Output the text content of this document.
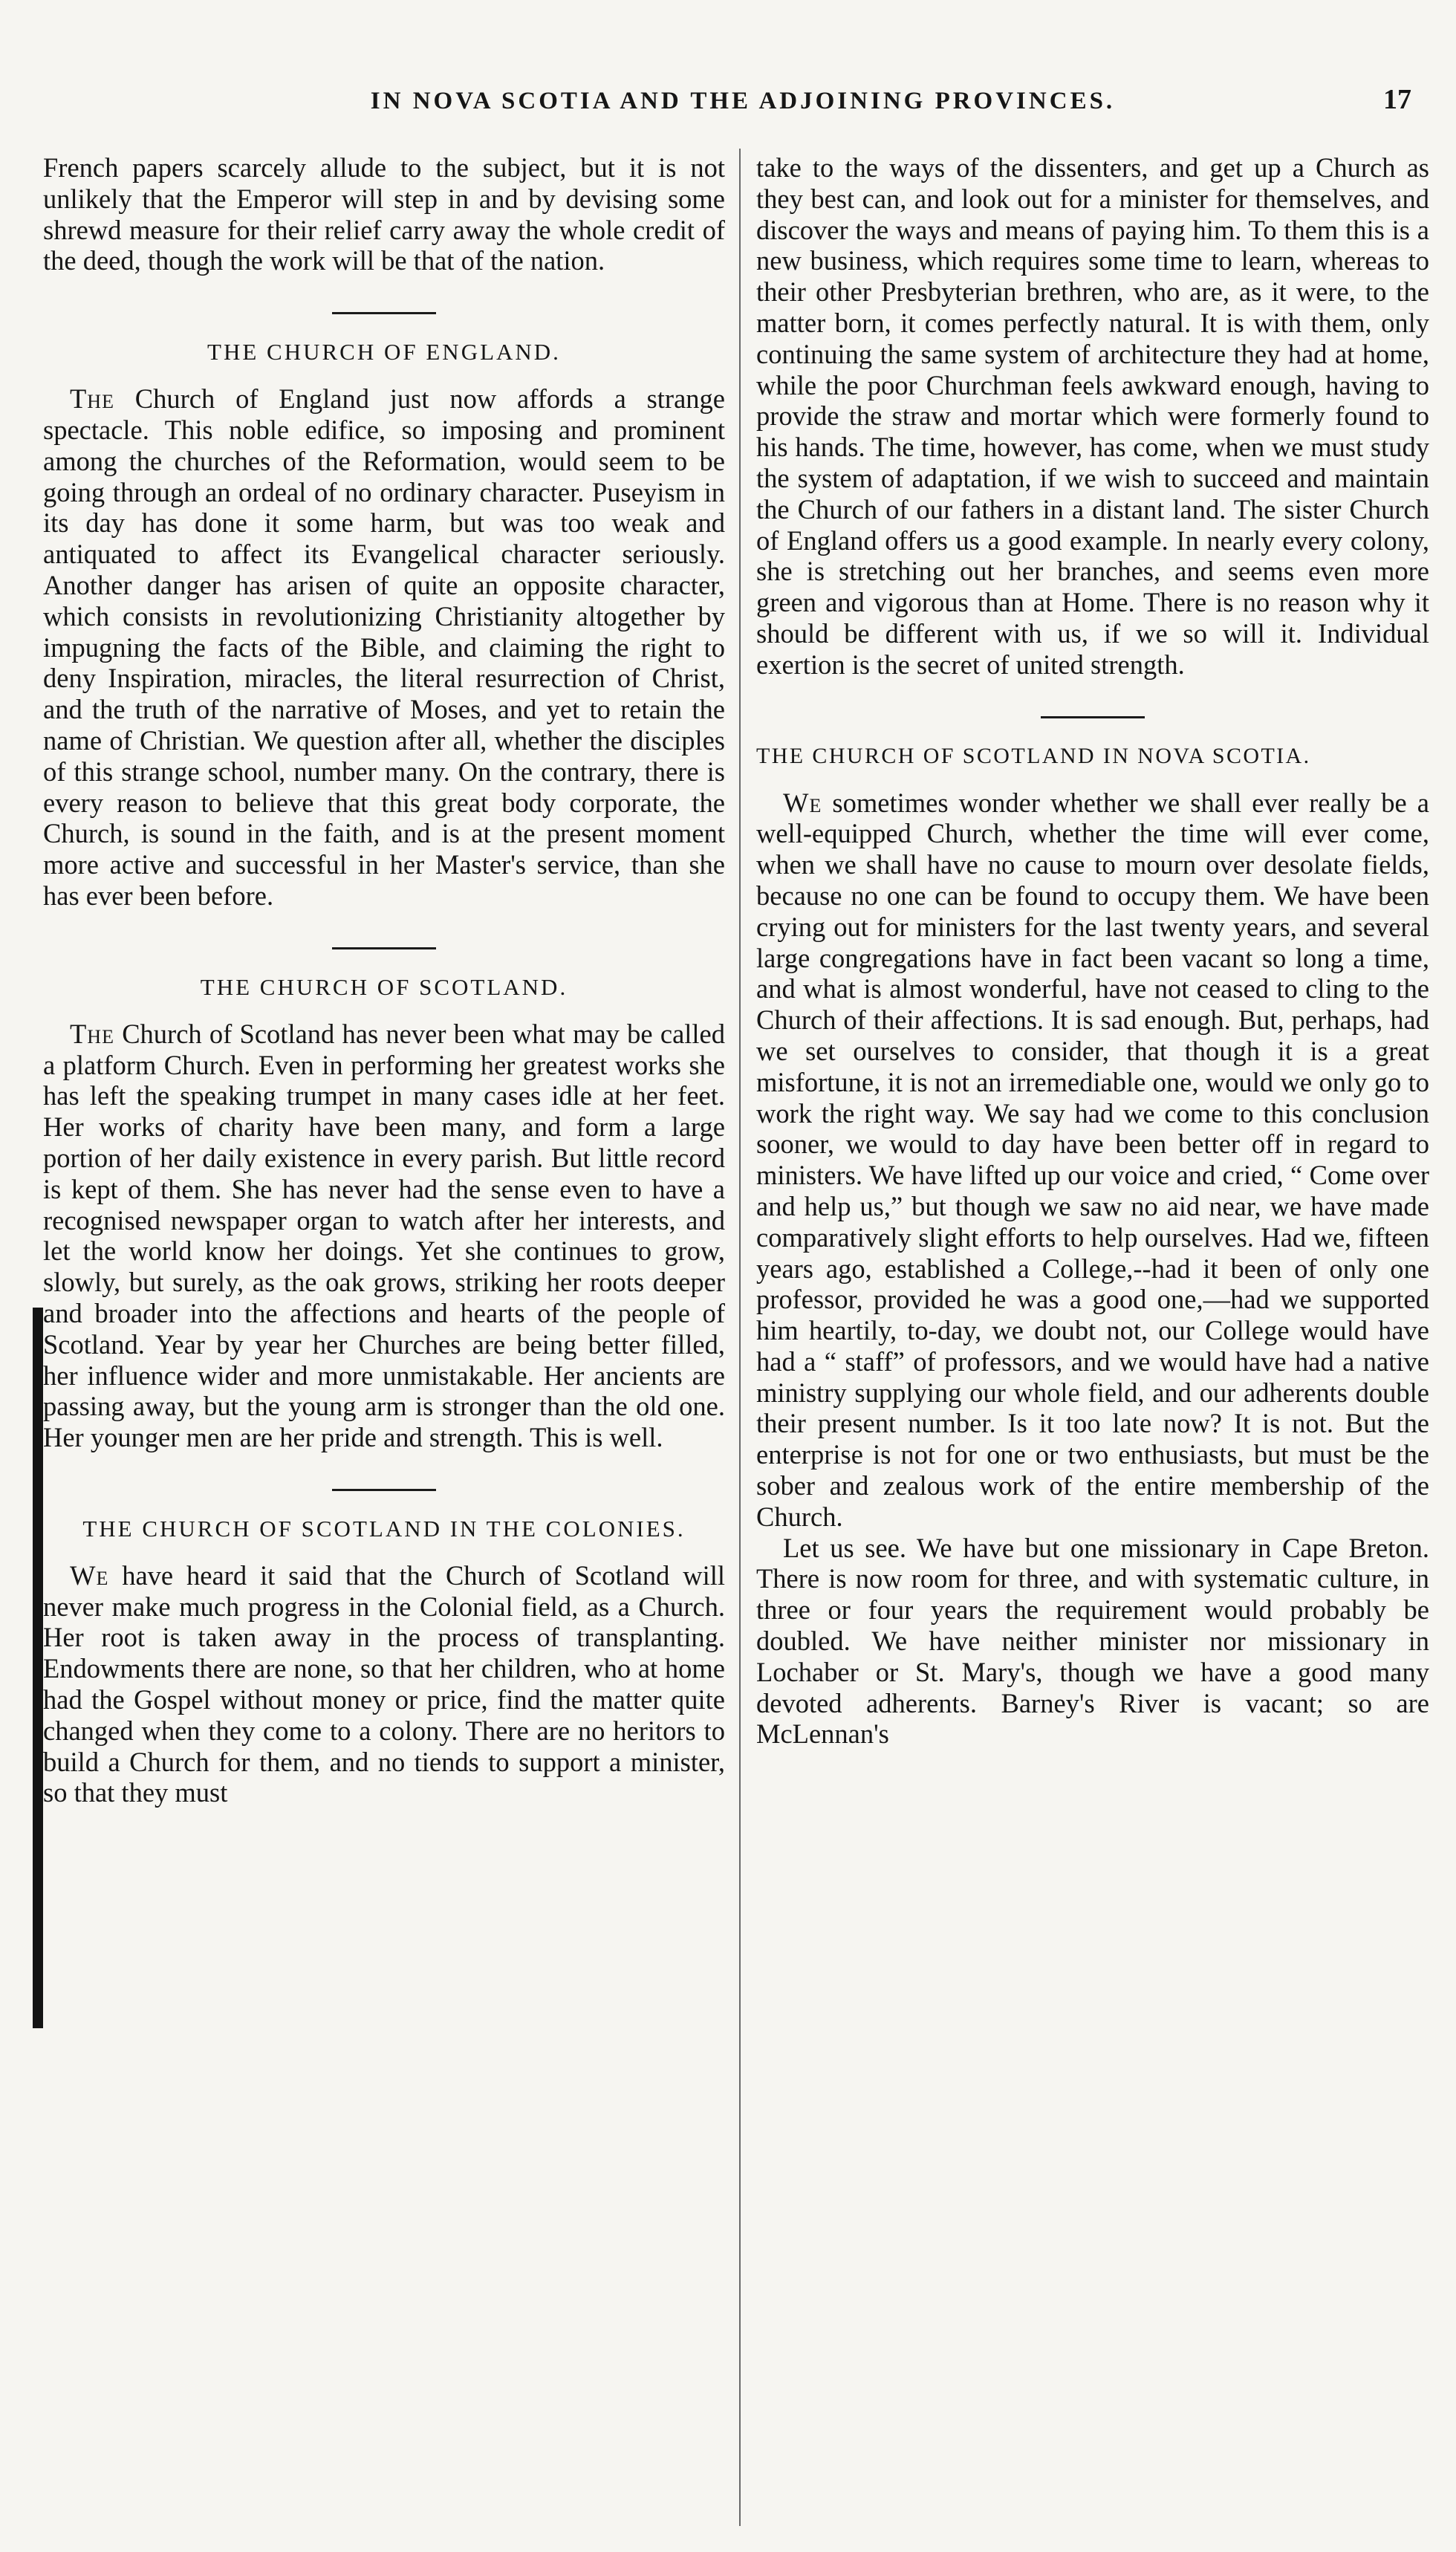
IN NOVA SCOTIA AND THE ADJOINING PROVINCES.	17

French papers scarcely allude to the subject, but it is not unlikely that the Emperor will step in and by devising some shrewd measure for their relief carry away the whole credit of the deed, though the work will be that of the nation.

THE CHURCH OF ENGLAND.

The Church of England just now affords a strange spectacle. This noble edifice, so imposing and prominent among the churches of the Reformation, would seem to be going through an ordeal of no ordinary character. Puseyism in its day has done it some harm, but was too weak and antiquated to affect its Evangelical character seriously. Another danger has arisen of quite an opposite character, which consists in revolutionizing Christianity altogether by impugning the facts of the Bible, and claiming the right to deny Inspiration, miracles, the literal resurrection of Christ, and the truth of the narrative of Moses, and yet to retain the name of Christian. We question after all, whether the disciples of this strange school, number many. On the contrary, there is every reason to believe that this great body corporate, the Church, is sound in the faith, and is at the present moment more active and successful in her Master's service, than she has ever been before.

THE CHURCH OF SCOTLAND.

The Church of Scotland has never been what may be called a platform Church. Even in performing her greatest works she has left the speaking trumpet in many cases idle at her feet. Her works of charity have been many, and form a large portion of her daily existence in every parish. But little record is kept of them. She has never had the sense even to have a recognised newspaper organ to watch after her interests, and let the world know her doings. Yet she continues to grow, slowly, but surely, as the oak grows, striking her roots deeper and broader into the affections and hearts of the people of Scotland. Year by year her Churches are being better filled, her influence wider and more unmistakable. Her ancients are passing away, but the young arm is stronger than the old one. Her younger men are her pride and strength. This is well.

THE CHURCH OF SCOTLAND IN THE COLONIES.

We have heard it said that the Church of Scotland will never make much progress in the Colonial field, as a Church. Her root is taken away in the process of transplanting. Endowments there are none, so that her children, who at home had the Gospel without money or price, find the matter quite changed when they come to a colony. There are no heritors to build a Church for them, and no tiends to support a minister, so that they must

take to the ways of the dissenters, and get up a Church as they best can, and look out for a minister for themselves, and discover the ways and means of paying him. To them this is a new business, which requires some time to learn, whereas to their other Presbyterian brethren, who are, as it were, to the matter born, it comes perfectly natural. It is with them, only continuing the same system of architecture they had at home, while the poor Churchman feels awkward enough, having to provide the straw and mortar which were formerly found to his hands. The time, however, has come, when we must study the system of adaptation, if we wish to succeed and maintain the Church of our fathers in a distant land. The sister Church of England offers us a good example. In nearly every colony, she is stretching out her branches, and seems even more green and vigorous than at Home. There is no reason why it should be different with us, if we so will it. Individual exertion is the secret of united strength.

THE CHURCH OF SCOTLAND IN NOVA SCOTIA.

We sometimes wonder whether we shall ever really be a well-equipped Church, whether the time will ever come, when we shall have no cause to mourn over desolate fields, because no one can be found to occupy them. We have been crying out for ministers for the last twenty years, and several large congregations have in fact been vacant so long a time, and what is almost wonderful, have not ceased to cling to the Church of their affections. It is sad enough. But, perhaps, had we set ourselves to consider, that though it is a great misfortune, it is not an irremediable one, would we only go to work the right way. We say had we come to this conclusion sooner, we would to day have been better off in regard to ministers. We have lifted up our voice and cried, “ Come over and help us,” but though we saw no aid near, we have made comparatively slight efforts to help ourselves. Had we, fifteen years ago, established a College,--had it been of only one professor, provided he was a good one,—had we supported him heartily, to-day, we doubt not, our College would have had a “ staff” of professors, and we would have had a native ministry supplying our whole field, and our adherents double their present number. Is it too late now? It is not. But the enterprise is not for one or two enthusiasts, but must be the sober and zealous work of the entire membership of the Church.

Let us see. We have but one missionary in Cape Breton. There is now room for three, and with systematic culture, in three or four years the requirement would probably be doubled. We have neither minister nor missionary in Lochaber or St. Mary's, though we have a good many devoted adherents. Barney's River is vacant; so are McLennan's
